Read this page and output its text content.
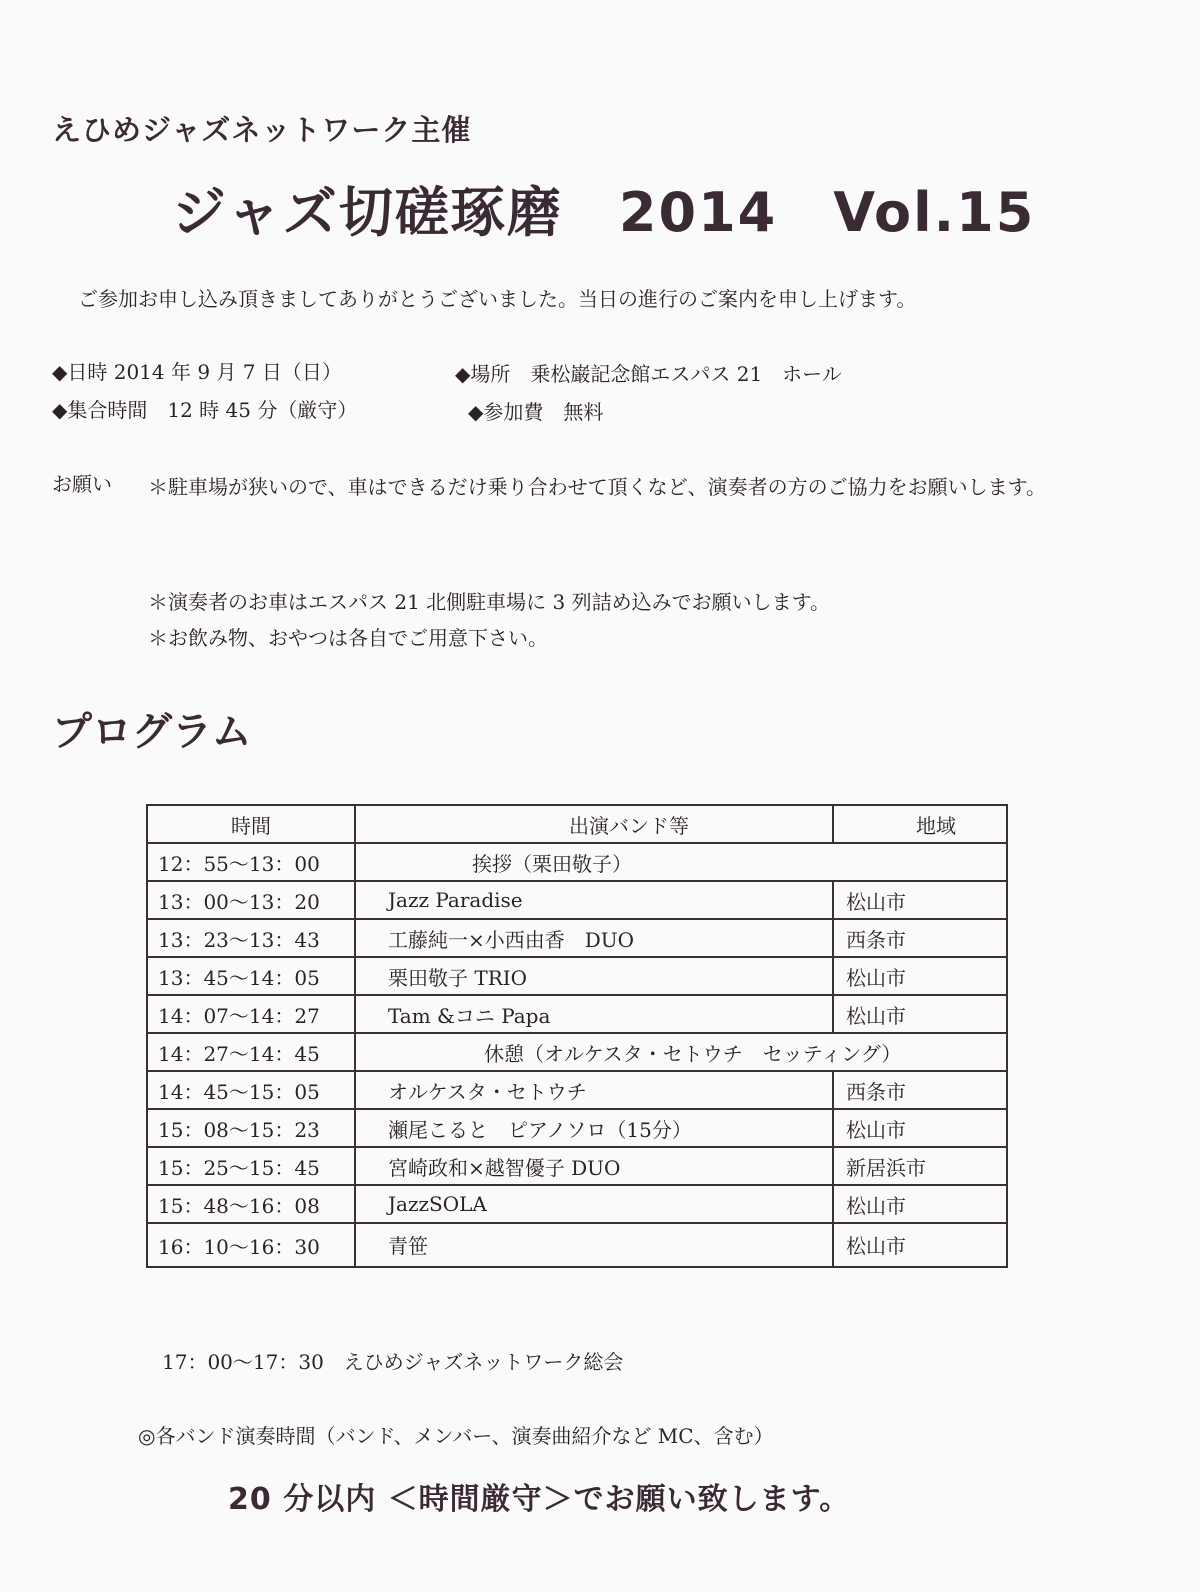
えひめジャズネットワーク主催
ジャズ切磋琢磨　2014　Vol.15
ご参加お申し込み頂きましてありがとうございました。当日の進行のご案内を申し上げます。
◆日時 2014 年 9 月 7 日（日）	◆場所　乗松巌記念館エスパス 21　ホール
◆集合時間　12 時 45 分（厳守）	◆参加費　無料
お願い	＊駐車場が狭いので、車はできるだけ乗り合わせて頂くなど、演奏者の方のご協力をお願いします。
＊演奏者のお車はエスパス 21 北側駐車場に 3 列詰め込みでお願いします。
＊お飲み物、おやつは各自でご用意下さい。
プログラム
時間	出演バンド等	地域
12：55〜13：00	挨拶（栗田敬子）	
13：00〜13：20	Jazz Paradise	松山市
13：23〜13：43	工藤純一×小西由香　DUO	西条市
13：45〜14：05	栗田敬子 TRIO	松山市
14：07〜14：27	Tam &コニ Papa	松山市
14：27〜14：45	休憩（オルケスタ・セトウチ　セッティング）	
14：45〜15：05	オルケスタ・セトウチ	西条市
15：08〜15：23	瀬尾こると　ピアノソロ（15分）	松山市
15：25〜15：45	宮崎政和×越智優子 DUO	新居浜市
15：48〜16：08	JazzSOLA	松山市
16：10〜16：30	青笹	松山市
17：00〜17：30　えひめジャズネットワーク総会
◎各バンド演奏時間（バンド、メンバー、演奏曲紹介など MC、含む）
20 分以内 ＜時間厳守＞でお願い致します。
